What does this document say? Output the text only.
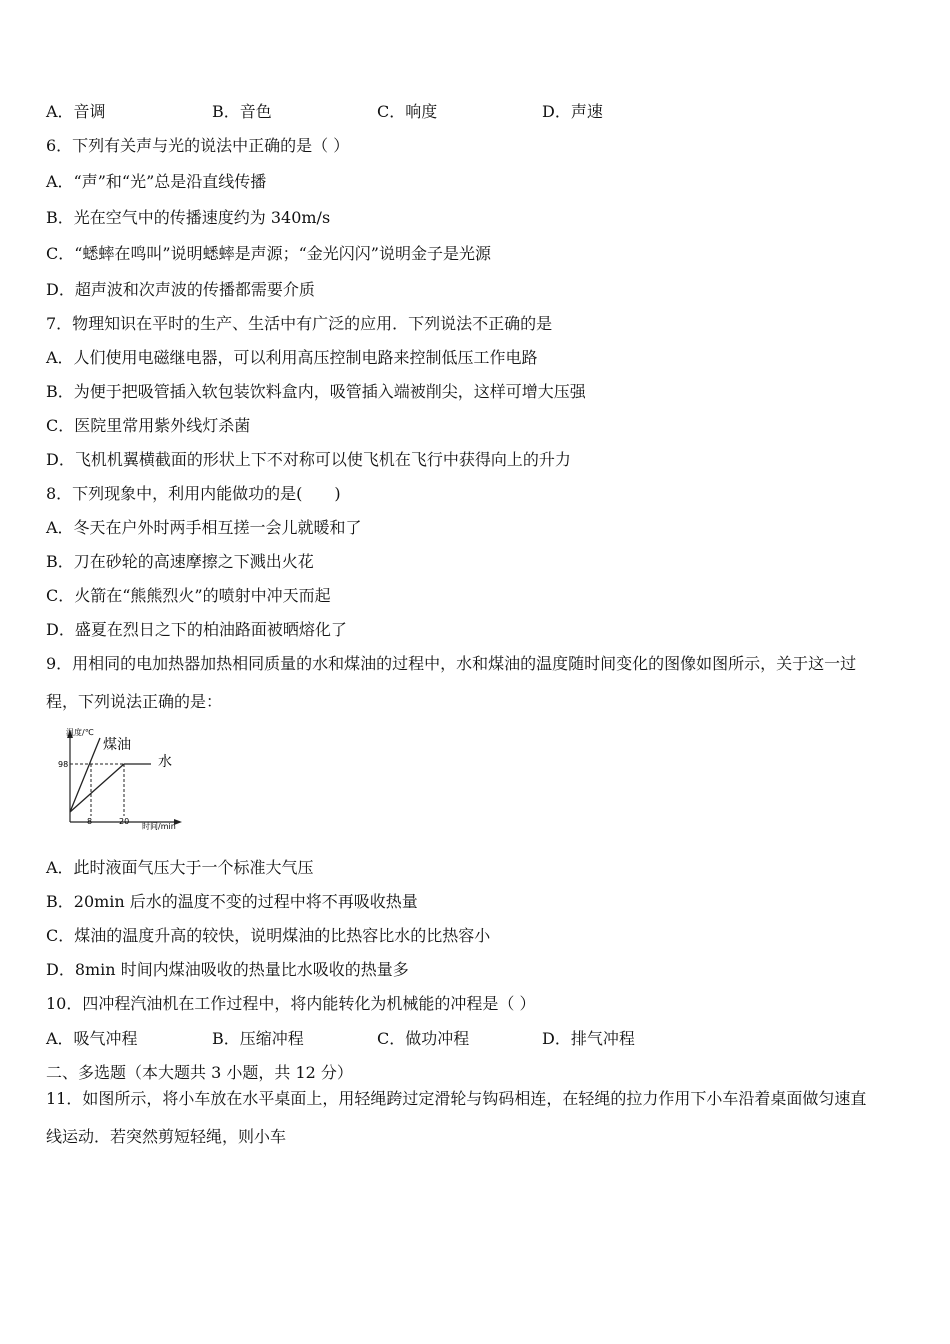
A．音调	B．音色	C．响度	D．声速
6．下列有关声与光的说法中正确的是（ ）
A．“声”和“光”总是沿直线传播
B．光在空气中的传播速度约为 340m/s
C．“蟋蟀在鸣叫”说明蟋蟀是声源；“金光闪闪”说明金子是光源
D．超声波和次声波的传播都需要介质
7．物理知识在平时的生产、生活中有广泛的应用．下列说法不正确的是
A．人们使用电磁继电器，可以利用高压控制电路来控制低压工作电路
B．为便于把吸管插入软包装饮料盒内，吸管插入端被削尖，这样可增大压强
C．医院里常用紫外线灯杀菌
D．飞机机翼横截面的形状上下不对称可以使飞机在飞行中获得向上的升力
8．下列现象中，利用内能做功的是(　　)
A．冬天在户外时两手相互搓一会儿就暖和了
B．刀在砂轮的高速摩擦之下溅出火花
C．火箭在“熊熊烈火”的喷射中冲天而起
D．盛夏在烈日之下的柏油路面被晒熔化了
9．用相同的电加热器加热相同质量的水和煤油的过程中，水和煤油的温度随时间变化的图像如图所示，关于这一过
程，下列说法正确的是：
温度/℃
时间/min
98
8	20
煤油
水
A．此时液面气压大于一个标准大气压
B．20min 后水的温度不变的过程中将不再吸收热量
C．煤油的温度升高的较快，说明煤油的比热容比水的比热容小
D．8min 时间内煤油吸收的热量比水吸收的热量多
10．四冲程汽油机在工作过程中，将内能转化为机械能的冲程是（ ）
A．吸气冲程	B．压缩冲程	C．做功冲程	D．排气冲程
二、多选题（本大题共 3 小题，共 12 分）
11．如图所示，将小车放在水平桌面上，用轻绳跨过定滑轮与钩码相连，在轻绳的拉力作用下小车沿着桌面做匀速直
线运动．若突然剪短轻绳，则小车
